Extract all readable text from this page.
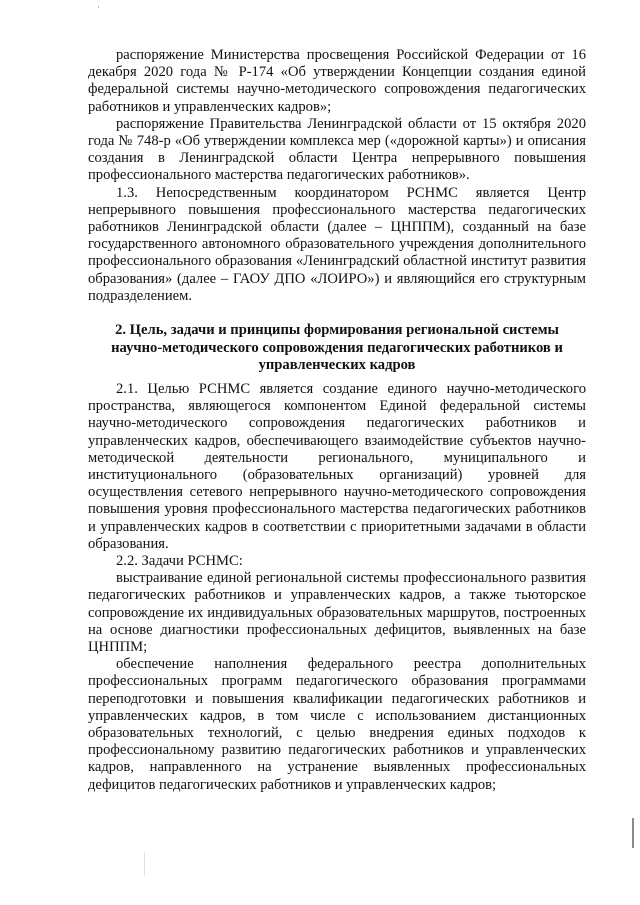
распоряжение Министерства просвещения Российской Федерации от 16 декабря 2020 года № Р-174 «Об утверждении Концепции создания единой федеральной системы научно-методического сопровождения педагогических работников и управленческих кадров»;

распоряжение Правительства Ленинградской области от 15 октября 2020 года № 748-р «Об утверждении комплекса мер («дорожной карты») и описания создания в Ленинградской области Центра непрерывного повышения профессионального мастерства педагогических работников».

1.3. Непосредственным координатором РСНМС является Центр непрерывного повышения профессионального мастерства педагогических работников Ленинградской области (далее – ЦНППМ), созданный на базе государственного автономного образовательного учреждения дополнительного профессионального образования «Ленинградский областной институт развития образования» (далее – ГАОУ ДПО «ЛОИРО») и являющийся его структурным подразделением.

2. Цель, задачи и принципы формирования региональной системы научно-методического сопровождения педагогических работников и управленческих кадров

2.1. Целью РСНМС является создание единого научно-методического пространства, являющегося компонентом Единой федеральной системы научно-методического сопровождения педагогических работников и управленческих кадров, обеспечивающего взаимодействие субъектов научно-методической деятельности регионального, муниципального и институционального (образовательных организаций) уровней для осуществления сетевого непрерывного научно-методического сопровождения повышения уровня профессионального мастерства педагогических работников и управленческих кадров в соответствии с приоритетными задачами в области образования.

2.2. Задачи РСНМС:

выстраивание единой региональной системы профессионального развития педагогических работников и управленческих кадров, а также тьюторское сопровождение их индивидуальных образовательных маршрутов, построенных на основе диагностики профессиональных дефицитов, выявленных на базе ЦНППМ;

обеспечение наполнения федерального реестра дополнительных профессиональных программ педагогического образования программами переподготовки и повышения квалификации педагогических работников и управленческих кадров, в том числе с использованием дистанционных образовательных технологий, с целью внедрения единых подходов к профессиональному развитию педагогических работников и управленческих кадров, направленного на устранение выявленных профессиональных дефицитов педагогических работников и управленческих кадров;
